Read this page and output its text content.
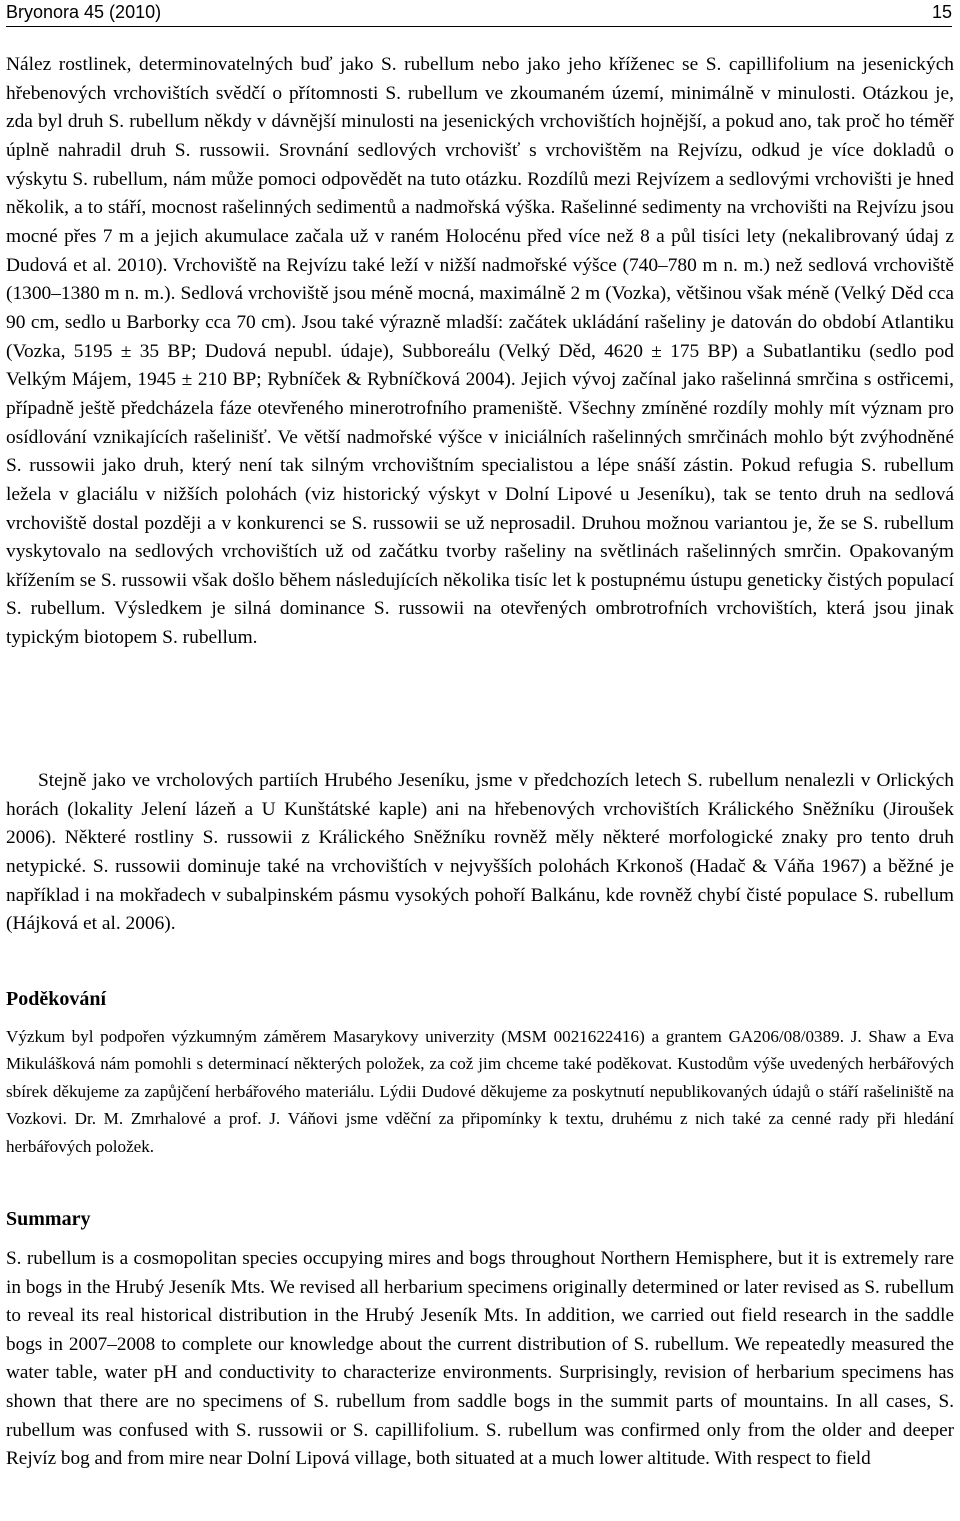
Bryonora 45 (2010)	15

Nález rostlinek, determinovatelných buď jako S. rubellum nebo jako jeho kříženec se S. capillifolium na jesenických hřebenových vrchovištích svědčí o přítomnosti S. rubellum ve zkoumaném území, minimálně v minulosti. Otázkou je, zda byl druh S. rubellum někdy v dávnější minulosti na jesenických vrchovištích hojnější, a pokud ano, tak proč ho téměř úplně nahradil druh S. russowii. Srovnání sedlových vrchovišť s vrchovištěm na Rejvízu, odkud je více dokladů o výskytu S. rubellum, nám může pomoci odpovědět na tuto otázku. Rozdílů mezi Rejvízem a sedlovými vrchovišti je hned několik, a to stáří, mocnost rašelinných sedimentů a nadmořská výška. Rašelinné sedimenty na vrchovišti na Rejvízu jsou mocné přes 7 m a jejich akumulace začala už v raném Holocénu před více než 8 a půl tisíci lety (nekalibrovaný údaj z Dudová et al. 2010). Vrchoviště na Rejvízu také leží v nižší nadmořské výšce (740–780 m n. m.) než sedlová vrchoviště (1300–1380 m n. m.). Sedlová vrchoviště jsou méně mocná, maximálně 2 m (Vozka), většinou však méně (Velký Děd cca 90 cm, sedlo u Barborky cca 70 cm). Jsou také výrazně mladší: začátek ukládání rašeliny je datován do období Atlantiku (Vozka, 5195 ± 35 BP; Dudová nepubl. údaje), Subboreálu (Velký Děd, 4620 ± 175 BP) a Subatlantiku (sedlo pod Velkým Májem, 1945 ± 210 BP; Rybníček & Rybníčková 2004). Jejich vývoj začínal jako rašelinná smrčina s ostřicemi, případně ještě předcházela fáze otevřeného minerotrofního prameniště. Všechny zmíněné rozdíly mohly mít význam pro osídlování vznikajících rašelinišť. Ve větší nadmořské výšce v iniciálních rašelinných smrčinách mohlo být zvýhodněné S. russowii jako druh, který není tak silným vrchovištním specialistou a lépe snáší zástin. Pokud refugia S. rubellum ležela v glaciálu v nižších polohách (viz historický výskyt v Dolní Lipové u Jeseníku), tak se tento druh na sedlová vrchoviště dostal později a v konkurenci se S. russowii se už neprosadil. Druhou možnou variantou je, že se S. rubellum vyskytovalo na sedlových vrchovištích už od začátku tvorby rašeliny na světlinách rašelinných smrčin. Opakovaným křížením se S. russowii však došlo během následujících několika tisíc let k postupnému ústupu geneticky čistých populací S. rubellum. Výsledkem je silná dominance S. russowii na otevřených ombrotrofních vrchovištích, která jsou jinak typickým biotopem S. rubellum.

Stejně jako ve vrcholových partiích Hrubého Jeseníku, jsme v předchozích letech S. rubellum nenalezli v Orlických horách (lokality Jelení lázeň a U Kunštátské kaple) ani na hřebenových vrchovištích Králického Sněžníku (Jiroušek 2006). Některé rostliny S. russowii z Králického Sněžníku rovněž měly některé morfologické znaky pro tento druh netypické. S. russowii dominuje také na vrchovištích v nejvyšších polohách Krkonoš (Hadač & Váňa 1967) a běžné je například i na mokřadech v subalpinském pásmu vysokých pohoří Balkánu, kde rovněž chybí čisté populace S. rubellum (Hájková et al. 2006).

Poděkování

Výzkum byl podpořen výzkumným záměrem Masarykovy univerzity (MSM 0021622416) a grantem GA206/08/0389. J. Shaw a Eva Mikulášková nám pomohli s determinací některých položek, za což jim chceme také poděkovat. Kustodům výše uvedených herbářových sbírek děkujeme za zapůjčení herbářového materiálu. Lýdii Dudové děkujeme za poskytnutí nepublikovaných údajů o stáří rašeliniště na Vozkovi. Dr. M. Zmrhalové a prof. J. Váňovi jsme vděční za připomínky k textu, druhému z nich také za cenné rady při hledání herbářových položek.

Summary

S. rubellum is a cosmopolitan species occupying mires and bogs throughout Northern Hemisphere, but it is extremely rare in bogs in the Hrubý Jeseník Mts. We revised all herbarium specimens originally determined or later revised as S. rubellum to reveal its real historical distribution in the Hrubý Jeseník Mts. In addition, we carried out field research in the saddle bogs in 2007–2008 to complete our knowledge about the current distribution of S. rubellum. We repeatedly measured the water table, water pH and conductivity to characterize environments. Surprisingly, revision of herbarium specimens has shown that there are no specimens of S. rubellum from saddle bogs in the summit parts of mountains. In all cases, S. rubellum was confused with S. russowii or S. capillifolium. S. rubellum was confirmed only from the older and deeper Rejvíz bog and from mire near Dolní Lipová village, both situated at a much lower altitude. With respect to field
